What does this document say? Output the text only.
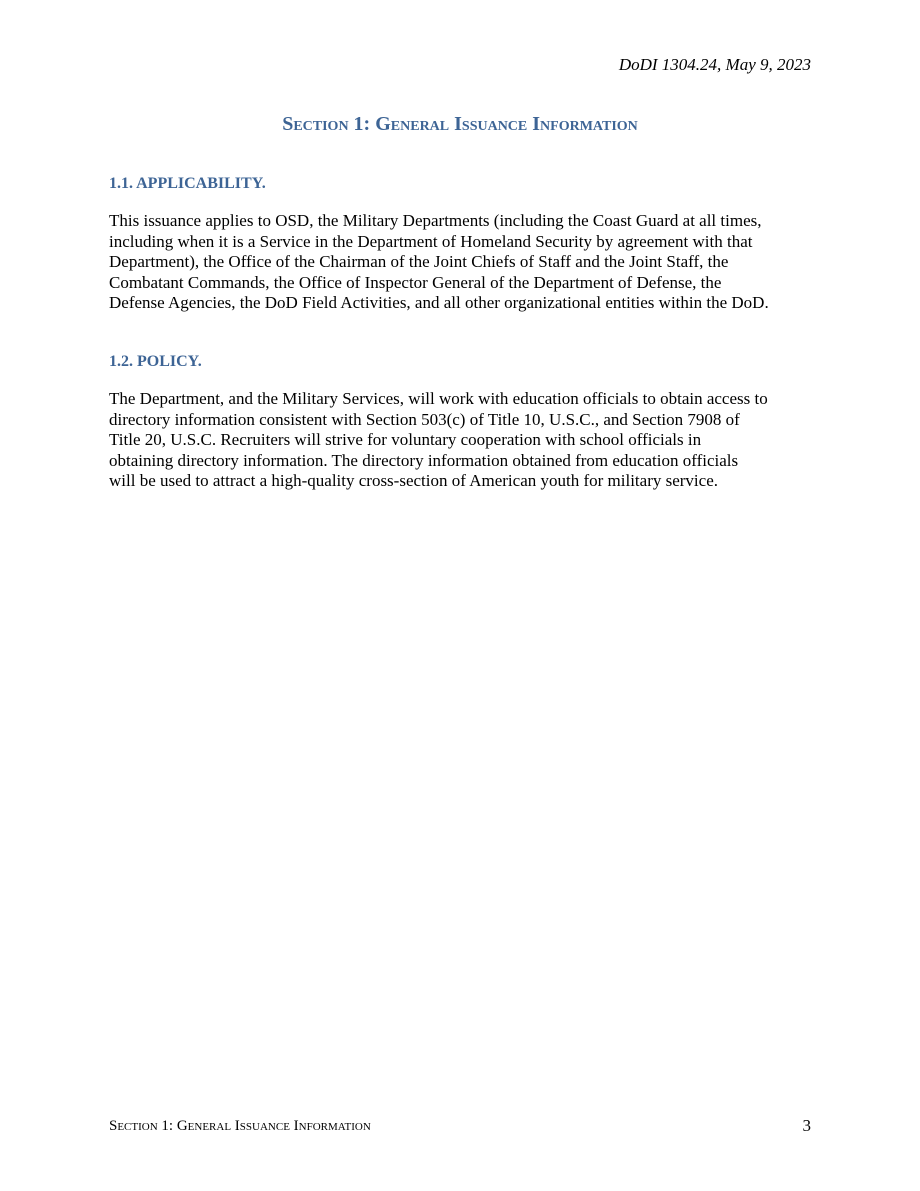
DoDI 1304.24, May 9, 2023
Section 1: General Issuance Information
1.1. APPLICABILITY.
This issuance applies to OSD, the Military Departments (including the Coast Guard at all times,
including when it is a Service in the Department of Homeland Security by agreement with that
Department), the Office of the Chairman of the Joint Chiefs of Staff and the Joint Staff, the
Combatant Commands, the Office of Inspector General of the Department of Defense, the
Defense Agencies, the DoD Field Activities, and all other organizational entities within the DoD.
1.2. POLICY.
The Department, and the Military Services, will work with education officials to obtain access to
directory information consistent with Section 503(c) of Title 10, U.S.C., and Section 7908 of
Title 20, U.S.C. Recruiters will strive for voluntary cooperation with school officials in
obtaining directory information. The directory information obtained from education officials
will be used to attract a high-quality cross-section of American youth for military service.
Section 1: General Issuance Information	3
